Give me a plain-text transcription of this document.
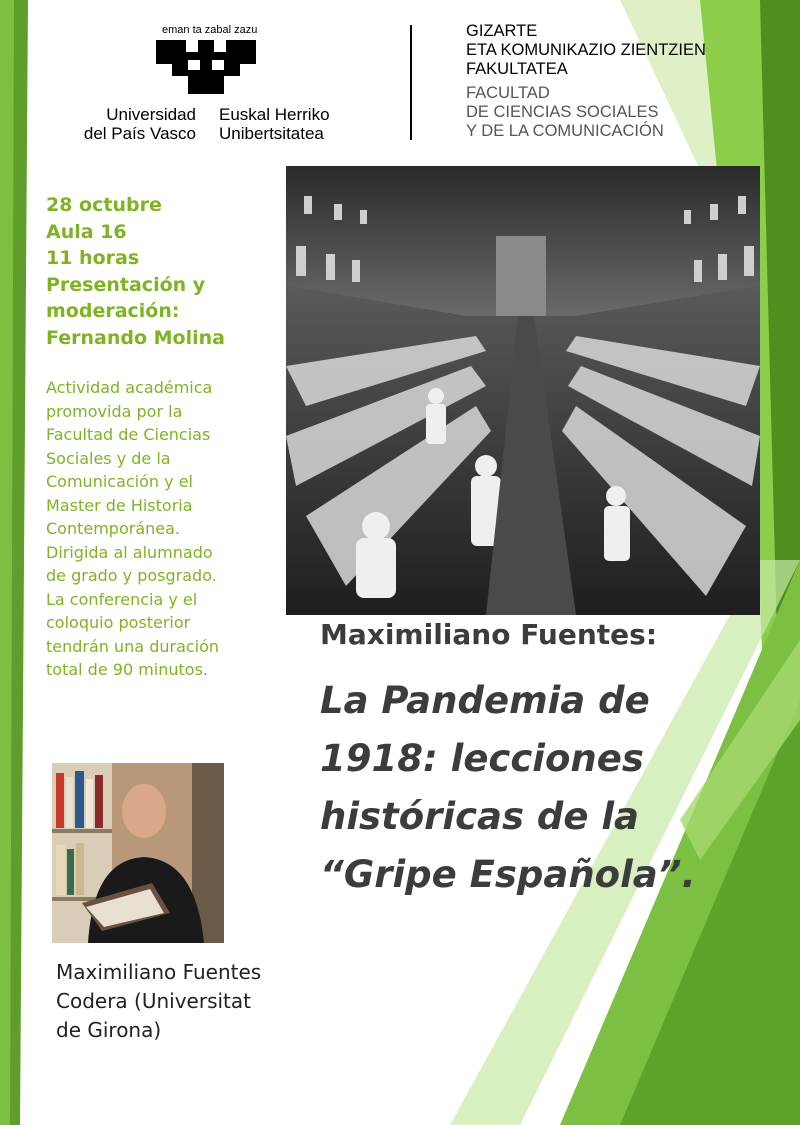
eman ta zabal zazu
Universidad
del País Vasco
Euskal Herriko
Unibertsitatea
GIZARTE
ETA KOMUNIKAZIO ZIENTZIEN
FAKULTATEA
FACULTAD
DE CIENCIAS SOCIALES
Y DE LA COMUNICACIÓN
28 octubre
Aula 16
11 horas
Presentación y
moderación:
Fernando Molina
Actividad académica
promovida por la
Facultad de Ciencias
Sociales y de la
Comunicación y el
Master de Historia
Contemporánea.
Dirigida al alumnado
de grado y posgrado.
La conferencia y el
coloquio posterior
tendrán una duración
total de 90 minutos.
Maximiliano Fuentes:
La Pandemia de
1918: lecciones
históricas de la
“Gripe Española”.
Maximiliano Fuentes
Codera (Universitat
de Girona)
